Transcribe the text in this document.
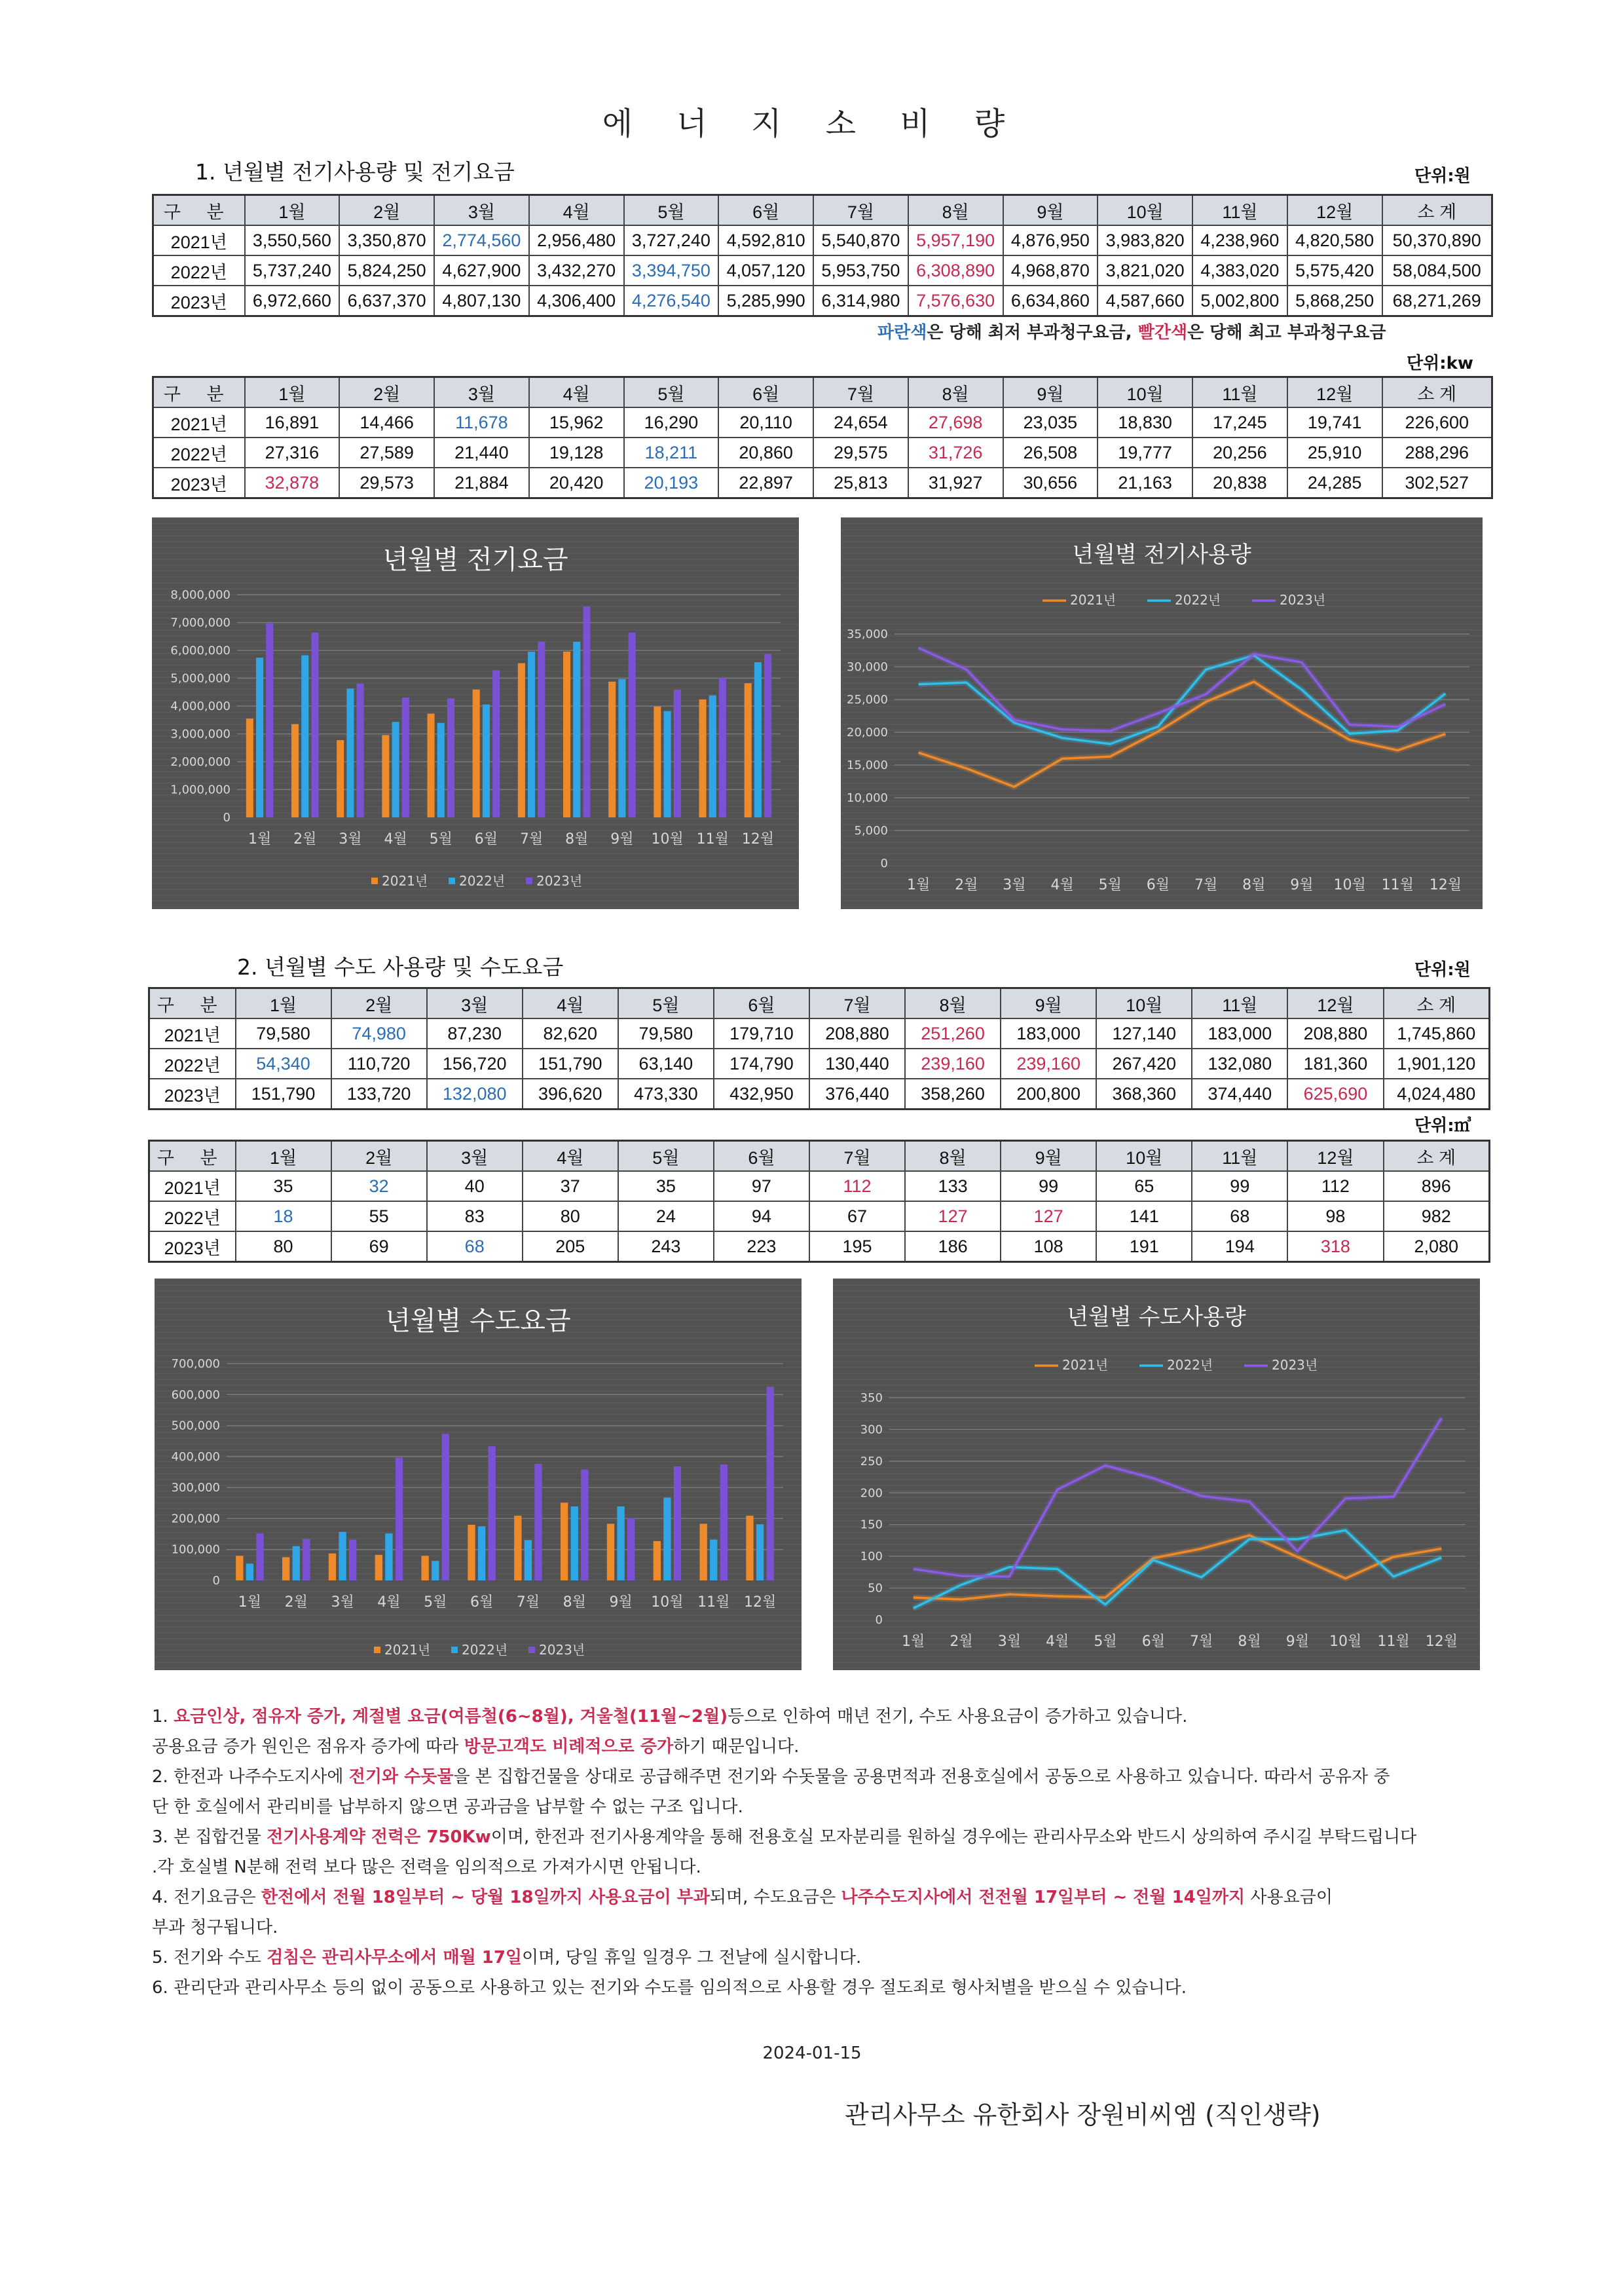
에 너 지 소 비 량
1. 년월별 전기사용량 및 전기요금	단위:원
구 분	1월	2월	3월	4월	5월	6월	7월	8월	9월	10월	11월	12월	소 계
2021년	3,550,560	3,350,870	2,774,560	2,956,480	3,727,240	4,592,810	5,540,870	5,957,190	4,876,950	3,983,820	4,238,960	4,820,580	50,370,890
2022년	5,737,240	5,824,250	4,627,900	3,432,270	3,394,750	4,057,120	5,953,750	6,308,890	4,968,870	3,821,020	4,383,020	5,575,420	58,084,500
2023년	6,972,660	6,637,370	4,807,130	4,306,400	4,276,540	5,285,990	6,314,980	7,576,630	6,634,860	4,587,660	5,002,800	5,868,250	68,271,269
파란색은 당해 최저 부과청구요금, 빨간색은 당해 최고 부과청구요금
단위:kw
구 분	1월	2월	3월	4월	5월	6월	7월	8월	9월	10월	11월	12월	소 계
2021년	16,891	14,466	11,678	15,962	16,290	20,110	24,654	27,698	23,035	18,830	17,245	19,741	226,600
2022년	27,316	27,589	21,440	19,128	18,211	20,860	29,575	31,726	26,508	19,777	20,256	25,910	288,296
2023년	32,878	29,573	21,884	20,420	20,193	22,897	25,813	31,927	30,656	21,163	20,838	24,285	302,527
년월별 전기요금
0
1,000,000
2,000,000
3,000,000
4,000,000
5,000,000
6,000,000
7,000,000
8,000,000
1월 2월 3월 4월 5월 6월 7월 8월 9월 10월 11월 12월
2021년 2022년 2023년
년월별 전기사용량
0
5,000
10,000
15,000
20,000
25,000
30,000
35,000
1월 2월 3월 4월 5월 6월 7월 8월 9월 10월 11월 12월
2021년	2022년	2023년
2. 년월별 수도 사용량 및 수도요금	단위:원
구 분	1월	2월	3월	4월	5월	6월	7월	8월	9월	10월	11월	12월	소 계
2021년	79,580	74,980	87,230	82,620	79,580	179,710	208,880	251,260	183,000	127,140	183,000	208,880	1,745,860
2022년	54,340	110,720	156,720	151,790	63,140	174,790	130,440	239,160	239,160	267,420	132,080	181,360	1,901,120
2023년	151,790	133,720	132,080	396,620	473,330	432,950	376,440	358,260	200,800	368,360	374,440	625,690	4,024,480
단위:㎥
구 분	1월	2월	3월	4월	5월	6월	7월	8월	9월	10월	11월	12월	소 계
2021년	35	32	40	37	35	97	112	133	99	65	99	112	896
2022년	18	55	83	80	24	94	67	127	127	141	68	98	982
2023년	80	69	68	205	243	223	195	186	108	191	194	318	2,080
년월별 수도요금
0
100,000
200,000
300,000
400,000
500,000
600,000
700,000
1월 2월 3월 4월 5월 6월 7월 8월 9월 10월 11월 12월
2021년 2022년 2023년
년월별 수도사용량
0
50
100
150
200
250
300
350
1월 2월 3월 4월 5월 6월 7월 8월 9월 10월 11월 12월
2021년	2022년	2023년
1. 요금인상, 점유자 증가, 계절별 요금(여름철(6~8월), 겨울철(11월~2월)등으로 인하여 매년 전기, 수도 사용요금이 증가하고 있습니다.
공용요금 증가 원인은 점유자 증가에 따라 방문고객도 비례적으로 증가하기 때문입니다.
2. 한전과 나주수도지사에 전기와 수돗물을 본 집합건물을 상대로 공급해주면 전기와 수돗물을 공용면적과 전용호실에서 공동으로 사용하고 있습니다. 따라서 공유자 중
단 한 호실에서 관리비를 납부하지 않으면 공과금을 납부할 수 없는 구조 입니다.
3. 본 집합건물 전기사용계약 전력은 750Kw이며, 한전과 전기사용계약을 통해 전용호실 모자분리를 원하실 경우에는 관리사무소와 반드시 상의하여 주시길 부탁드립니다
.각 호실별 N분해 전력 보다 많은 전력을 임의적으로 가져가시면 안됩니다.
4. 전기요금은 한전에서 전월 18일부터 ~ 당월 18일까지 사용요금이 부과되며, 수도요금은 나주수도지사에서 전전월 17일부터 ~ 전월 14일까지 사용요금이
부과 청구됩니다.
5. 전기와 수도 검침은 관리사무소에서 매월 17일이며, 당일 휴일 일경우 그 전날에 실시합니다.
6. 관리단과 관리사무소 등의 없이 공동으로 사용하고 있는 전기와 수도를 임의적으로 사용할 경우 절도죄로 형사처별을 받으실 수 있습니다.
2024-01-15
관리사무소 유한회사 장원비씨엠 (직인생략)
